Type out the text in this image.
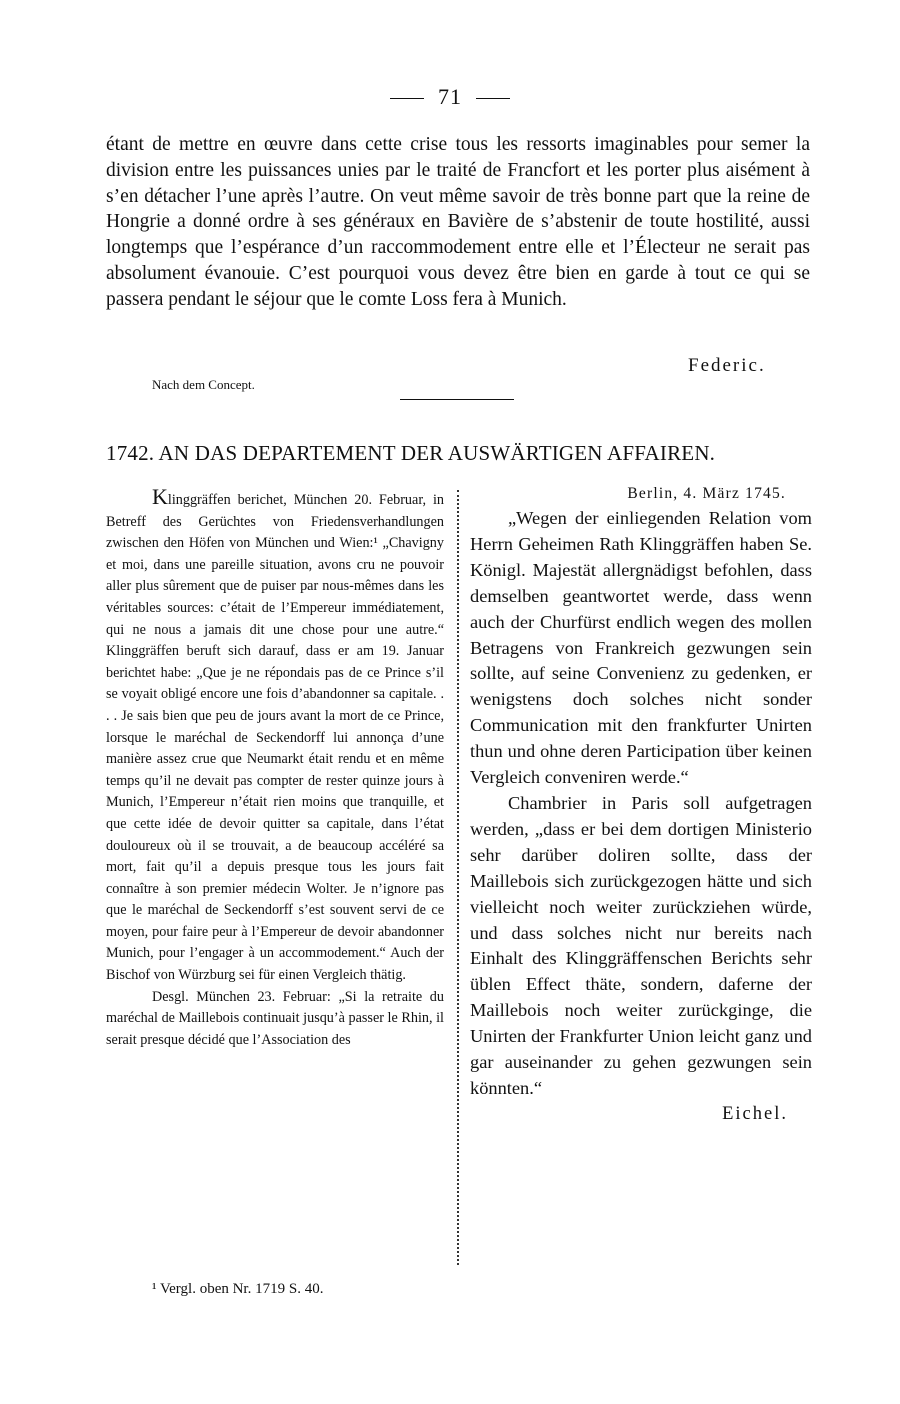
71

étant de mettre en œuvre dans cette crise tous les ressorts imaginables pour semer la division entre les puissances unies par le traité de Francfort et les porter plus aisément à s’en détacher l’une après l’autre. On veut même savoir de très bonne part que la reine de Hongrie a donné ordre à ses généraux en Bavière de s’abstenir de toute hostilité, aussi longtemps que l’espérance d’un raccommodement entre elle et l’Électeur ne serait pas absolument évanouie. C’est pourquoi vous devez être bien en garde à tout ce qui se passera pendant le séjour que le comte Loss fera à Munich.

Federic.
Nach dem Concept.
1742. AN DAS DEPARTEMENT DER AUSWÄRTIGEN AFFAIREN.

Klinggräffen berichet, München 20. Februar, in Betreff des Gerüchtes von Friedensverhandlungen zwischen den Höfen von München und Wien:¹ „Chavigny et moi, dans une pareille situation, avons cru ne pouvoir aller plus sûrement que de puiser par nous-mêmes dans les véritables sources: c’était de l’Empereur immédiatement, qui ne nous a jamais dit une chose pour une autre.“ Klinggräffen beruft sich darauf, dass er am 19. Januar berichtet habe: „Que je ne répondais pas de ce Prince s’il se voyait obligé encore une fois d’abandonner sa capitale. . . . Je sais bien que peu de jours avant la mort de ce Prince, lorsque le maréchal de Seckendorff lui annonça d’une manière assez crue que Neumarkt était rendu et en même temps qu’il ne devait pas compter de rester quinze jours à Munich, l’Empereur n’était rien moins que tranquille, et que cette idée de devoir quitter sa capitale, dans l’état douloureux où il se trouvait, a de beaucoup accéléré sa mort, fait qu’il a depuis presque tous les jours fait connaître à son premier médecin Wolter. Je n’ignore pas que le maréchal de Seckendorff s’est souvent servi de ce moyen, pour faire peur à l’Empereur de devoir abandonner Munich, pour l’engager à un accommodement.“ Auch der Bischof von Würzburg sei für einen Vergleich thätig.

Desgl. München 23. Februar: „Si la retraite du maréchal de Maillebois continuait jusqu’à passer le Rhin, il serait presque décidé que l’Association des

Berlin, 4. März 1745.

„Wegen der einliegenden Relation vom Herrn Geheimen Rath Klinggräffen haben Se. Königl. Majestät allergnädigst befohlen, dass demselben geantwortet werde, dass wenn auch der Churfürst endlich wegen des mollen Betragens von Frankreich gezwungen sein sollte, auf seine Convenienz zu gedenken, er wenigstens doch solches nicht sonder Communication mit den frankfurter Unirten thun und ohne deren Participation über keinen Vergleich conveniren werde.“

Chambrier in Paris soll aufgetragen werden, „dass er bei dem dortigen Ministerio sehr darüber doliren sollte, dass der Maillebois sich zurückgezogen hätte und sich vielleicht noch weiter zurückziehen würde, und dass solches nicht nur bereits nach Einhalt des Klinggräffenschen Berichts sehr üblen Effect thäte, sondern, daferne der Maillebois noch weiter zurückginge, die Unirten der Frankfurter Union leicht ganz und gar auseinander zu gehen gezwungen sein könnten.“

Eichel.
¹ Vergl. oben Nr. 1719 S. 40.
